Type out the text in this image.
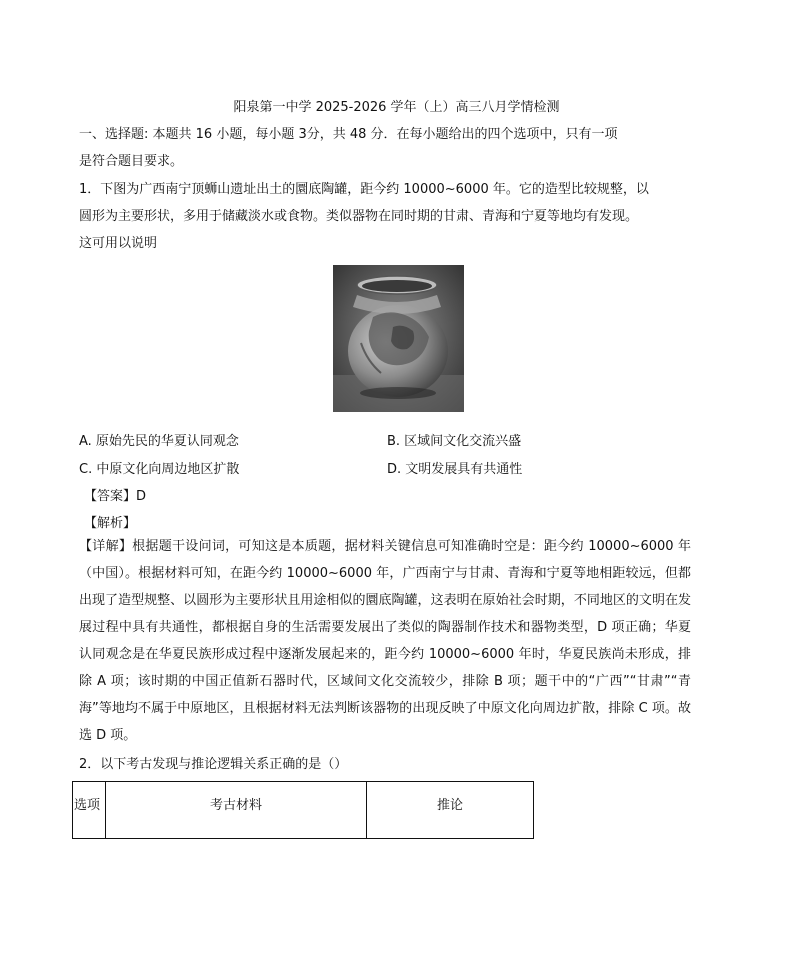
阳泉第一中学 2025-2026 学年（上）高三八月学情检测
一、选择题: 本题共 16 小题，每小题 3分，共 48 分．在每小题给出的四个选项中，只有一项
是符合题目要求。
1．下图为广西南宁顶蛳山遗址出土的圜底陶罐，距今约 10000~6000 年。它的造型比较规整，以
圆形为主要形状，多用于储藏淡水或食物。类似器物在同时期的甘肃、青海和宁夏等地均有发现。
这可用以说明
A. 原始先民的华夏认同观念	B. 区域间文化交流兴盛
C. 中原文化向周边地区扩散	D. 文明发展具有共通性
【答案】D
【解析】
【详解】根据题干设问词，可知这是本质题，据材料关键信息可知准确时空是：距今约 10000~6000 年（中国）。根据材料可知，在距今约 10000~6000 年，广西南宁与甘肃、青海和宁夏等地相距较远，但都出现了造型规整、以圆形为主要形状且用途相似的圜底陶罐，这表明在原始社会时期，不同地区的文明在发展过程中具有共通性，都根据自身的生活需要发展出了类似的陶器制作技术和器物类型，D 项正确；华夏认同观念是在华夏民族形成过程中逐渐发展起来的，距今约 10000~6000 年时，华夏民族尚未形成，排除 A 项；该时期的中国正值新石器时代，区域间文化交流较少，排除 B 项；题干中的“广西”“甘肃”“青海”等地均不属于中原地区，且根据材料无法判断该器物的出现反映了中原文化向周边扩散，排除 C 项。故选 D 项。
2．以下考古发现与推论逻辑关系正确的是（）
选项	考古材料	推论
